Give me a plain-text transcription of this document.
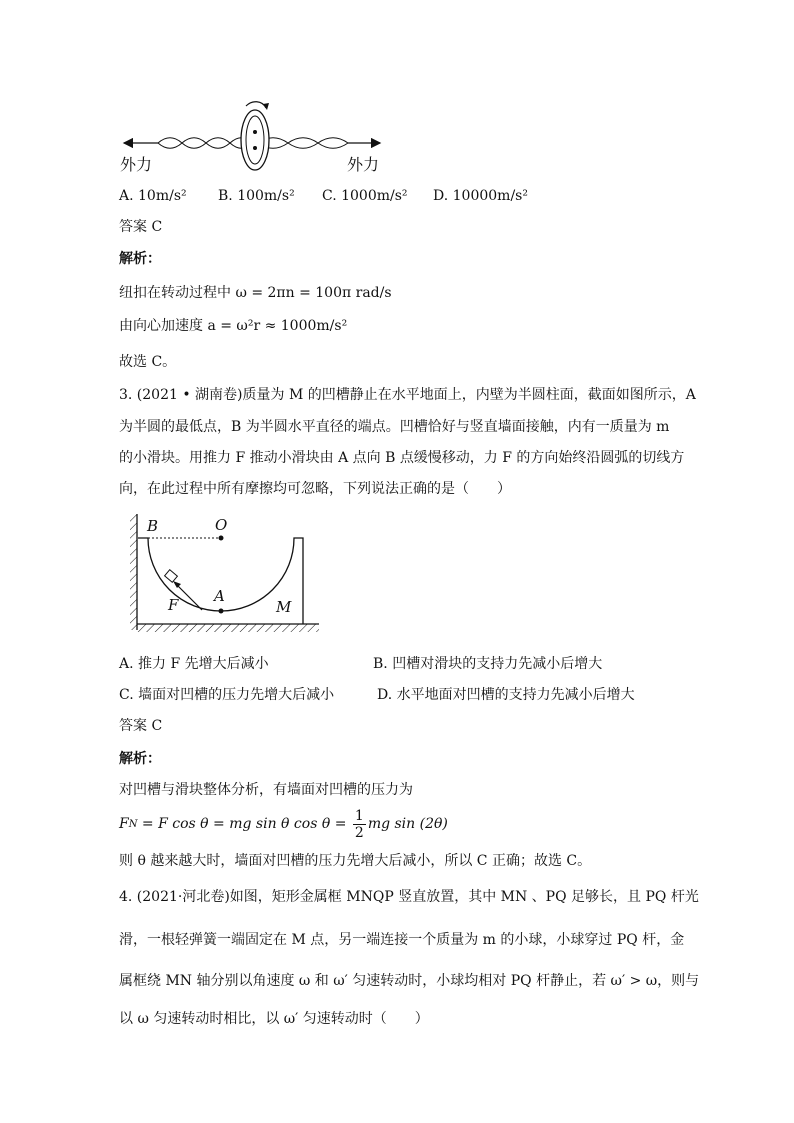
外力	外力
A. 10m/s² B. 100m/s² C. 1000m/s² D. 10000m/s²
答案 C
解析：
纽扣在转动过程中 ω = 2πn = 100π rad/s
由向心加速度 a = ω²r ≈ 1000m/s²
故选 C。
3. (2021 • 湖南卷)质量为 M 的凹槽静止在水平地面上，内壁为半圆柱面，截面如图所示，A
为半圆的最低点，B 为半圆水平直径的端点。凹槽恰好与竖直墙面接触，内有一质量为 m
的小滑块。用推力 F 推动小滑块由 A 点向 B 点缓慢移动，力 F 的方向始终沿圆弧的切线方
向，在此过程中所有摩擦均可忽略，下列说法正确的是（　　）
B	O
F A
M
A. 推力 F 先增大后减小	B. 凹槽对滑块的支持力先减小后增大
C. 墙面对凹槽的压力先增大后减小	D. 水平地面对凹槽的支持力先减小后增大
答案 C
解析：
对凹槽与滑块整体分析，有墙面对凹槽的压力为
F N = F cos θ = mg sin θ $\cos \theta = \frac{1}{2}$ mg sin (2θ)
则 θ 越来越大时，墙面对凹槽的压力先增大后减小，所以 C 正确；故选 C。
4. (2021·河北卷)如图，矩形金属框 MNQP 竖直放置，其中 MN 、PQ 足够长，且 PQ 杆光
滑，一根轻弹簧一端固定在 M 点，另一端连接一个质量为 m 的小球，小球穿过 PQ 杆，金
属框绕 MN 轴分别以角速度 ω 和 ω′ 匀速转动时，小球均相对 PQ 杆静止，若 ω′ > ω，则与
以 ω 匀速转动时相比，以 ω′ 匀速转动时（　　）
